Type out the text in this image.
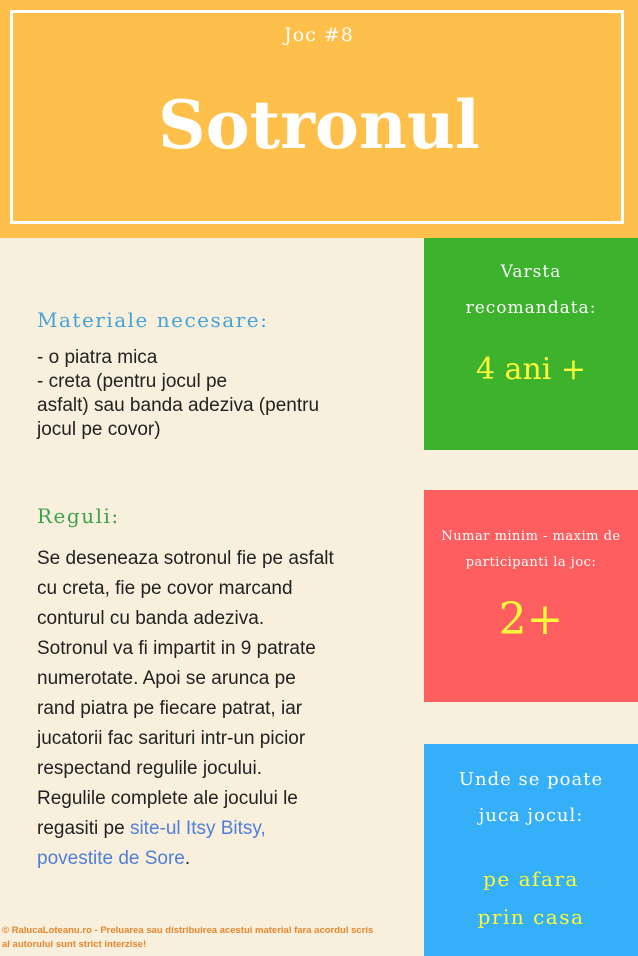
Joc #8
Sotronul
Materiale necesare:
- o piatra mica
- creta (pentru jocul pe
asfalt) sau banda adeziva (pentru
jocul pe covor)
Reguli:
Se deseneaza sotronul fie pe asfalt
cu creta, fie pe covor marcand
conturul cu banda adeziva.
Sotronul va fi impartit in 9 patrate
numerotate. Apoi se arunca pe
rand piatra pe fiecare patrat, iar
jucatorii fac sarituri intr-un picior
respectand regulile jocului.
Regulile complete ale jocului le
regasiti pe site-ul Itsy Bitsy,
povestite de Sore.
© RalucaLoteanu.ro - Preluarea sau distribuirea acestui material fara acordul scris
al autorului sunt strict interzise!
Varsta
recomandata:
4 ani +
Numar minim - maxim de
participanti la joc:
2+
Unde se poate
juca jocul:
pe afara
prin casa
